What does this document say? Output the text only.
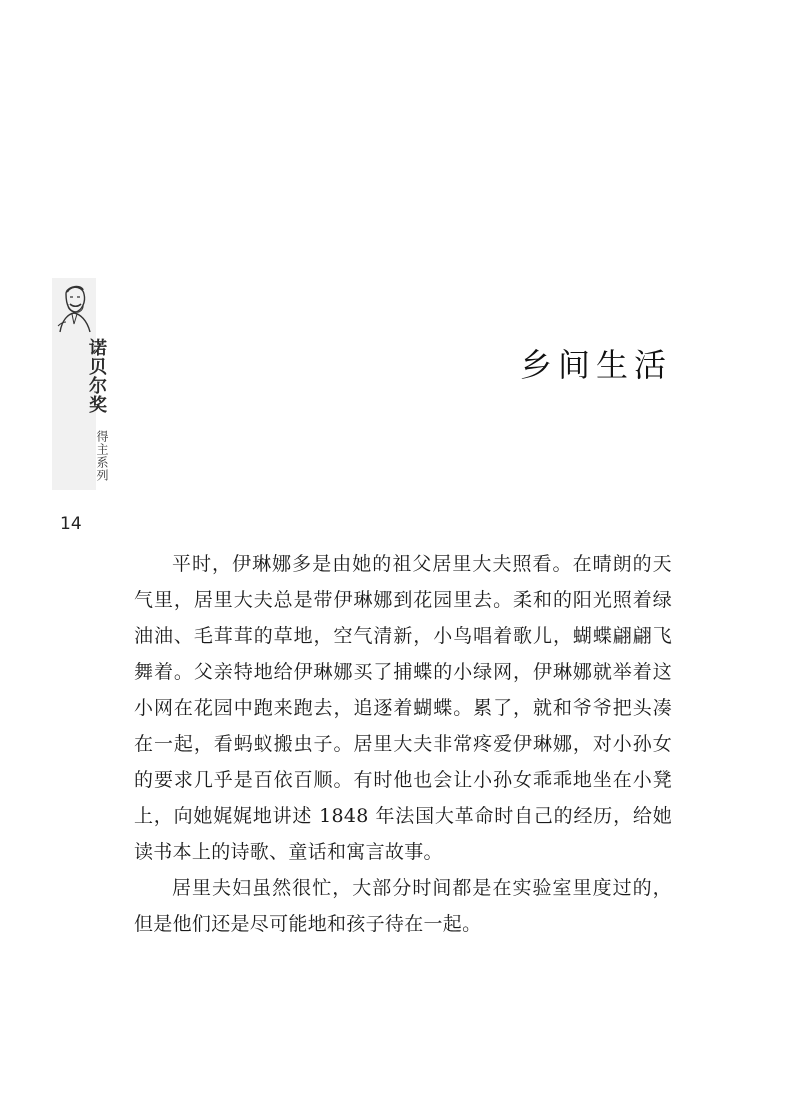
诺贝尔奖
得主系列
14
乡间生活

平时，伊琳娜多是由她的祖父居里大夫照看。在晴朗的天气里，居里大夫总是带伊琳娜到花园里去。柔和的阳光照着绿油油、毛茸茸的草地，空气清新，小鸟唱着歌儿，蝴蝶翩翩飞舞着。父亲特地给伊琳娜买了捕蝶的小绿网，伊琳娜就举着这小网在花园中跑来跑去，追逐着蝴蝶。累了，就和爷爷把头凑在一起，看蚂蚁搬虫子。居里大夫非常疼爱伊琳娜，对小孙女的要求几乎是百依百顺。有时他也会让小孙女乖乖地坐在小凳上，向她娓娓地讲述 1848 年法国大革命时自己的经历，给她读书本上的诗歌、童话和寓言故事。

居里夫妇虽然很忙，大部分时间都是在实验室里度过的，但是他们还是尽可能地和孩子待在一起。
